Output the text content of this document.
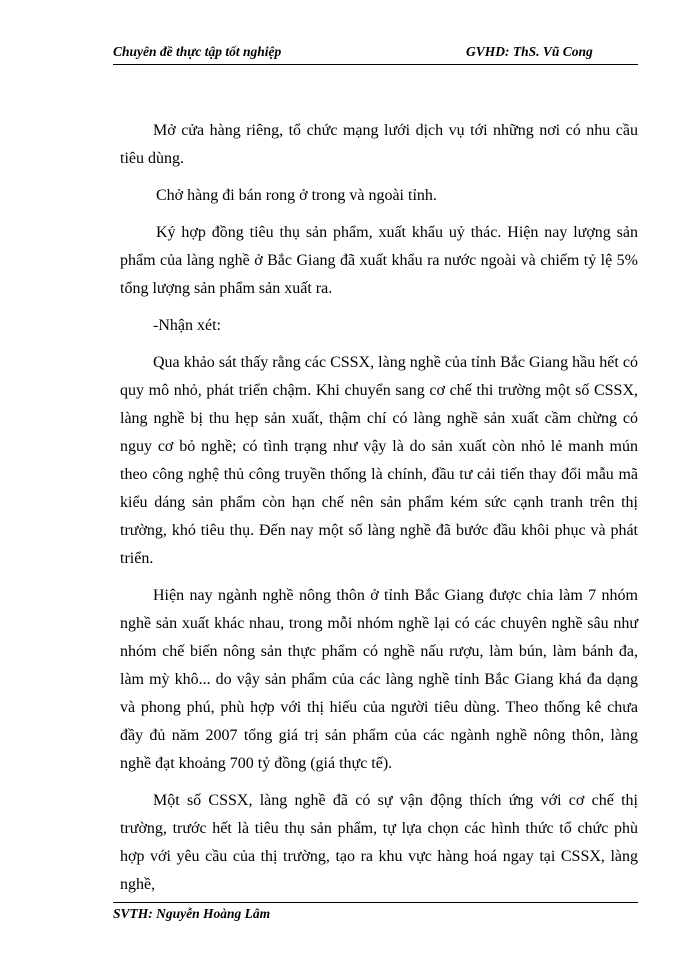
Chuyên đề thực tập tốt nghiệp	GVHD: ThS. Vũ Cong

Mở cửa hàng riêng, tổ chức mạng lưới dịch vụ tới những nơi có nhu cầu tiêu dùng.

Chở hàng đi bán rong ở trong và ngoài tỉnh.

Ký hợp đồng tiêu thụ sản phẩm, xuất khẩu uỷ thác. Hiện nay lượng sản phẩm của làng nghề ở Bắc Giang đã xuất khẩu ra nước ngoài và chiếm tỷ lệ 5% tổng lượng sản phẩm sản xuất ra.

-Nhận xét:

Qua khảo sát thấy rằng các CSSX, làng nghề của tỉnh Bắc Giang hầu hết có quy mô nhỏ, phát triển chậm. Khi chuyển sang cơ chế thi trường một số CSSX, làng nghề bị thu hẹp sản xuất, thậm chí có làng nghề sản xuất cầm chừng có nguy cơ bỏ nghề; có tình trạng như vậy là do sản xuất còn nhỏ lẻ manh mún theo công nghệ thủ công truyền thống là chính, đầu tư cải tiến thay đổi mẫu mã kiểu dáng sản phẩm còn hạn chế nên sản phẩm kém sức cạnh tranh trên thị trường, khó tiêu thụ. Đến nay một số làng nghề đã bước đầu khôi phục và phát triển.

Hiện nay ngành nghề nông thôn ở tỉnh Bắc Giang được chia làm 7 nhóm nghề sản xuất khác nhau, trong mỗi nhóm nghề lại có các chuyên nghề sâu như nhóm chế biến nông sản thực phẩm có nghề nấu rượu, làm bún, làm bánh đa, làm mỳ khô... do vậy sản phẩm của các làng nghề tỉnh Bắc Giang khá đa dạng và phong phú, phù hợp với thị hiếu của người tiêu dùng. Theo thống kê chưa đầy đủ năm 2007 tổng giá trị sản phẩm của các ngành nghề nông thôn, làng nghề đạt khoảng 700 tỷ đồng (giá thực tế).

Một số CSSX, làng nghề đã có sự vận động thích ứng với cơ chế thị trường, trước hết là tiêu thụ sản phẩm, tự lựa chọn các hình thức tổ chức phù hợp với yêu cầu của thị trường, tạo ra khu vực hàng hoá ngay tại CSSX, làng nghề,

SVTH: Nguyễn Hoàng Lâm
